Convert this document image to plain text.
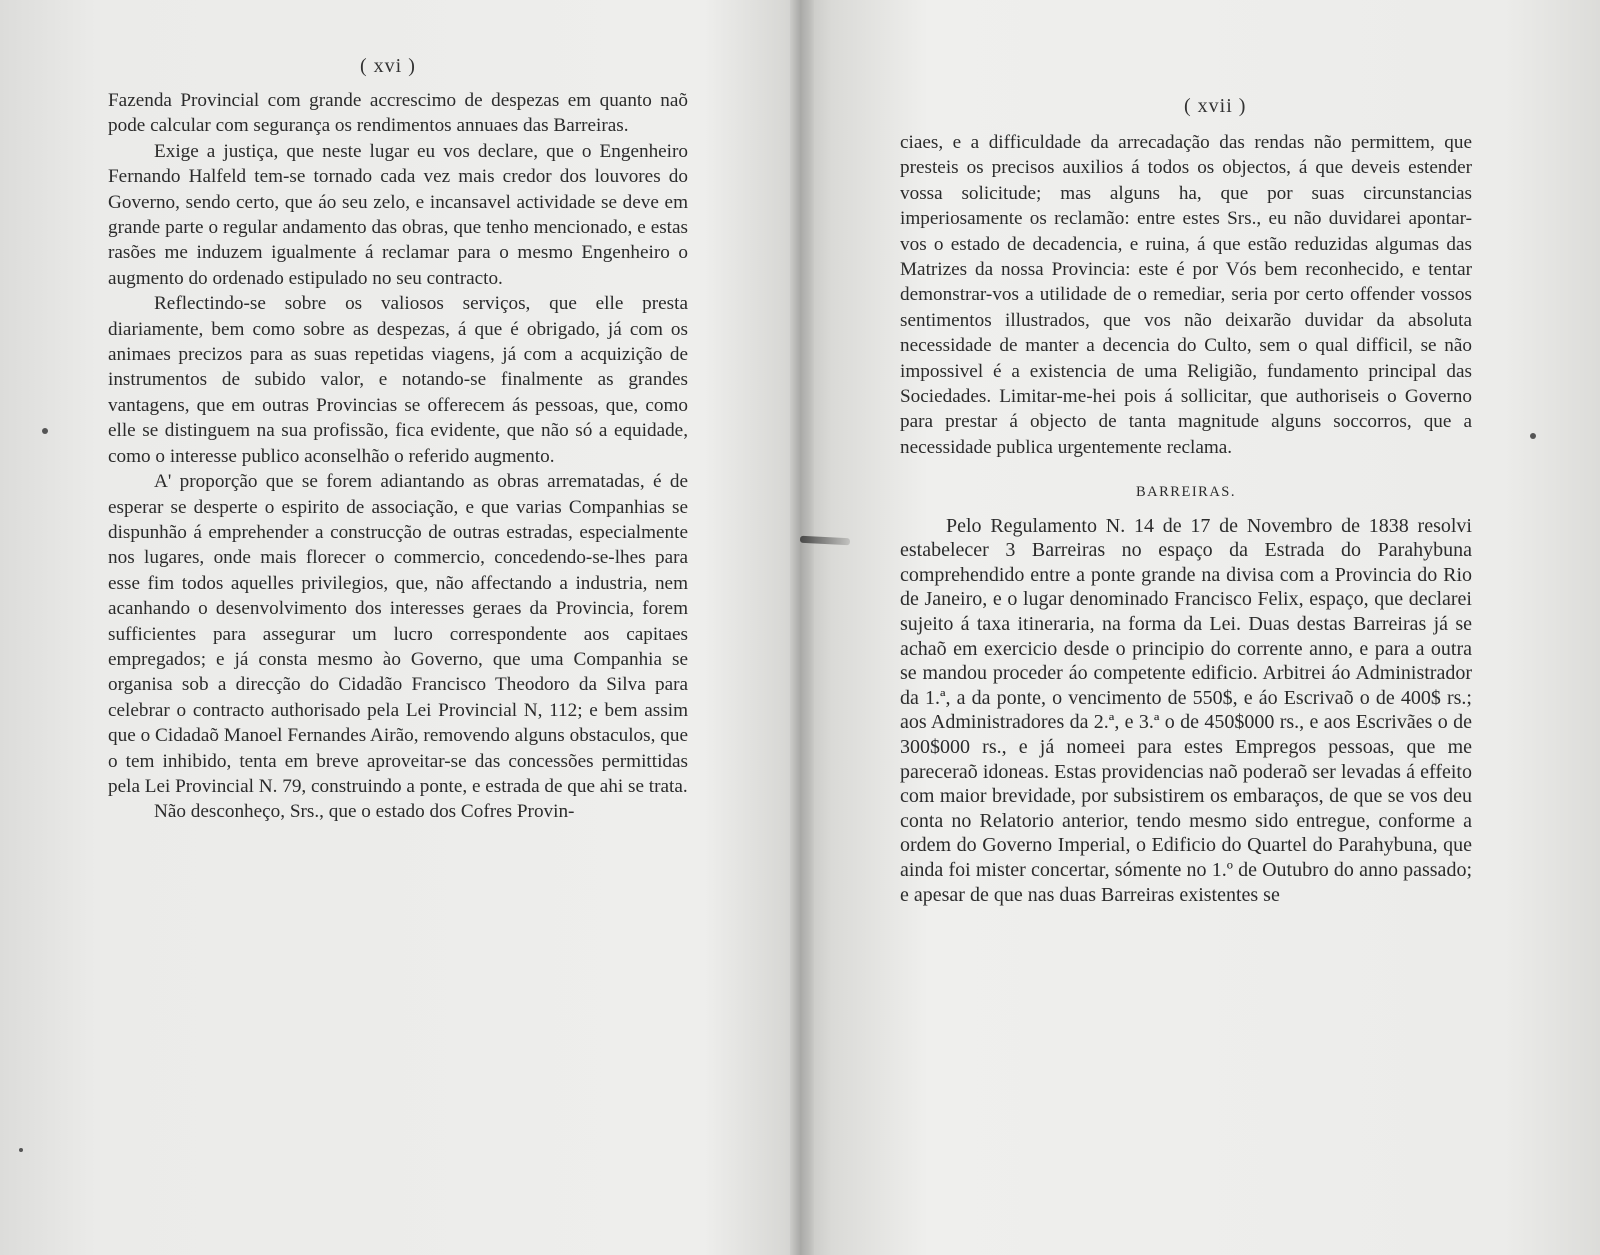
( xvi )

Fazenda Provincial com grande accrescimo de despezas em quanto naõ pode calcular com segurança os rendimentos annuaes das Barreiras.

Exige a justiça, que neste lugar eu vos declare, que o Engenheiro Fernando Halfeld tem-se tornado cada vez mais credor dos louvores do Governo, sendo certo, que áo seu zelo, e incansavel actividade se deve em grande parte o regular andamento das obras, que tenho mencionado, e estas rasões me induzem igualmente á reclamar para o mesmo Engenheiro o augmento do ordenado estipulado no seu contracto.

Reflectindo-se sobre os valiosos serviços, que elle presta diariamente, bem como sobre as despezas, á que é obrigado, já com os animaes precizos para as suas repetidas viagens, já com a acquizição de instrumentos de subido valor, e notando-se finalmente as grandes vantagens, que em outras Provincias se offerecem ás pessoas, que, como elle se distinguem na sua profissão, fica evidente, que não só a equidade, como o interesse publico aconselhão o referido augmento.

A' proporção que se forem adiantando as obras arrematadas, é de esperar se desperte o espirito de associação, e que varias Companhias se dispunhão á emprehender a construcção de outras estradas, especialmente nos lugares, onde mais florecer o commercio, concedendo-se-lhes para esse fim todos aquelles privilegios, que, não affectando a industria, nem acanhando o desenvolvimento dos interesses geraes da Provincia, forem sufficientes para assegurar um lucro correspondente aos capitaes empregados; e já consta mesmo ào Governo, que uma Companhia se organisa sob a direcção do Cidadão Francisco Theodoro da Silva para celebrar o contracto authorisado pela Lei Provincial N, 112; e bem assim que o Cidadaõ Manoel Fernandes Airão, removendo alguns obstaculos, que o tem inhibido, tenta em breve aproveitar-se das concessões permittidas pela Lei Provincial N. 79, construindo a ponte, e estrada de que ahi se trata.

Não desconheço, Srs., que o estado dos Cofres Provin-

( xvii )

ciaes, e a difficuldade da arrecadação das rendas não permittem, que presteis os precisos auxilios á todos os objectos, á que deveis estender vossa solicitude; mas alguns ha, que por suas circunstancias imperiosamente os reclamão: entre estes Srs., eu não duvidarei apontar-vos o estado de decadencia, e ruina, á que estão reduzidas algumas das Matrizes da nossa Provincia: este é por Vós bem reconhecido, e tentar demonstrar-vos a utilidade de o remediar, seria por certo offender vossos sentimentos illustrados, que vos não deixarão duvidar da absoluta necessidade de manter a decencia do Culto, sem o qual difficil, se não impossivel é a existencia de uma Religião, fundamento principal das Sociedades. Limitar-me-hei pois á sollicitar, que authoriseis o Governo para prestar á objecto de tanta magnitude alguns soccorros, que a necessidade publica urgentemente reclama.

BARREIRAS.

Pelo Regulamento N. 14 de 17 de Novembro de 1838 resolvi estabelecer 3 Barreiras no espaço da Estrada do Parahybuna comprehendido entre a ponte grande na divisa com a Provincia do Rio de Janeiro, e o lugar denominado Francisco Felix, espaço, que declarei sujeito á taxa itineraria, na forma da Lei. Duas destas Barreiras já se achaõ em exercicio desde o principio do corrente anno, e para a outra se mandou proceder áo competente edificio. Arbitrei áo Administrador da 1.ª, a da ponte, o vencimento de 550$, e áo Escrivaõ o de 400$ rs.; aos Administradores da 2.ª, e 3.ª o de 450$000 rs., e aos Escrivães o de 300$000 rs., e já nomeei para estes Empregos pessoas, que me pareceraõ idoneas. Estas providencias naõ poderaõ ser levadas á effeito com maior brevidade, por subsistirem os embaraços, de que se vos deu conta no Relatorio anterior, tendo mesmo sido entregue, conforme a ordem do Governo Imperial, o Edificio do Quartel do Parahybuna, que ainda foi mister concertar, sómente no 1.º de Outubro do anno passado; e apesar de que nas duas Barreiras existentes se
